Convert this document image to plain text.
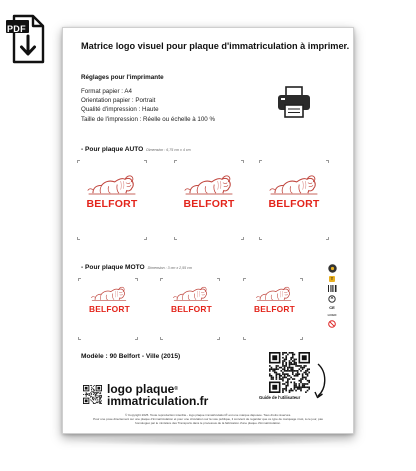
PDF
Matrice logo visuel pour plaque d'immatriculation à imprimer.
Réglages pour l'imprimante
Format papier : A4
Orientation papier : Portrait
Qualité d'impression : Haute
Taille de l'impression : Réelle ou échelle à 100 %
- Pour plaque AUTO Dimension : 6,75 cm x 4 cm
BELFORT	BELFORT	BELFORT
- Pour plaque MOTO Dimension : 3 cm x 2,55 cm
BELFORT	BELFORT	BELFORT
T
CE
LOGO
Modèle : 90 Belfort - Ville (2015)
logo plaque®
immatriculation.fr	Guide de l'utilisateur
© Copyright 2025. Toute reproduction interdite - logo plaque immatriculation® est une marque déposée. Tous droits réservés.
Pour une pose directement sur une plaque d'immatriculation et pour une circulation sur la voie publique, il convient de regarder que ce type de marquage n'est, à ce jour, pas
homologué par le ministère des Transports dans le processus de la fabrication d'une plaque d'immatriculation.
